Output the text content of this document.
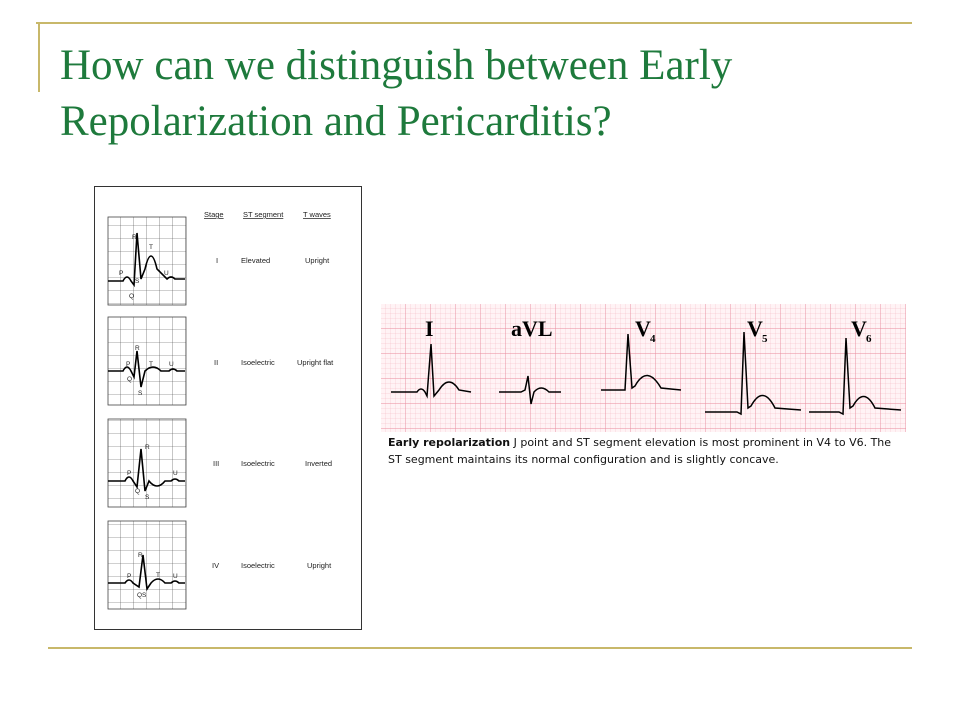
How can we distinguish between Early Repolarization and Pericarditis?
Stage	ST segment	T waves
R
T
P	U
S
Q
R
P	T U
Q
S
R
P	U
Q
S
R
P	T U
QS
I	Elevated	Upright
II	Isoelectric	Upright flat
III	Isoelectric	Inverted
IV	Isoelectric	Upright
I	aVL	V 4	V 5	V 6

Early repolarization J point and ST segment elevation is most prominent in V4 to V6. The ST segment maintains its normal configuration and is slightly concave.
